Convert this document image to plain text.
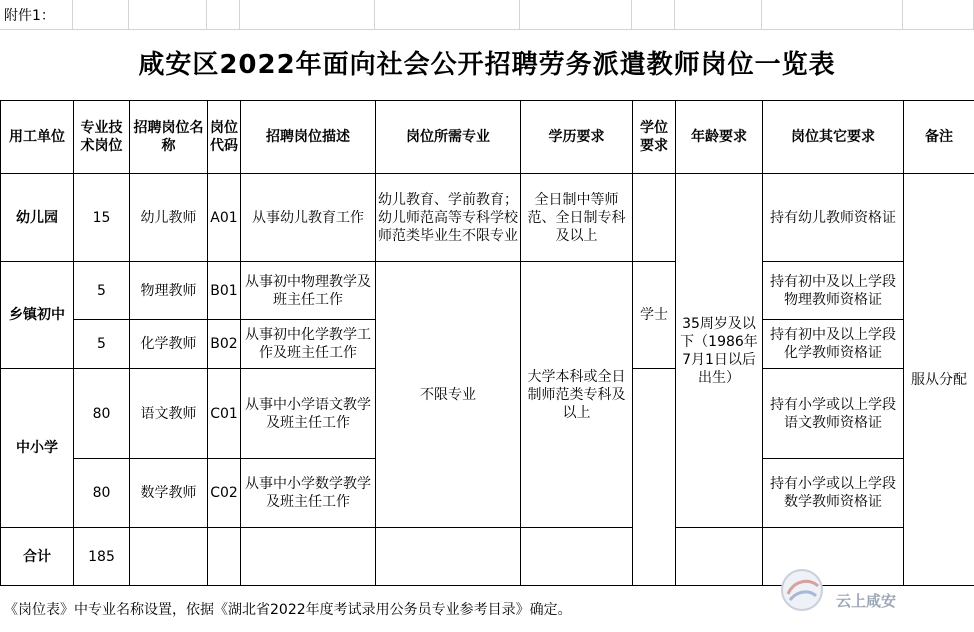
附件1：
咸安区2022年面向社会公开招聘劳务派遣教师岗位一览表
用工单位	专业技术岗位	招聘岗位名称	岗位代码	招聘岗位描述	岗位所需专业	学历要求	学位要求	年龄要求	岗位其它要求	备注
幼儿园	15	幼儿教师	A01	从事幼儿教育工作	幼儿教育、学前教育；幼儿师范高等专科学校师范类毕业生不限专业	全日制中等师范、全日制专科及以上		35周岁及以下（1986年7月1日以后出生）	持有幼儿教师资格证	服从分配
乡镇初中	5	物理教师	B01	从事初中物理教学及班主任工作	不限专业	大学本科或全日制师范类专科及以上	学士		持有初中及以上学段物理教师资格证	
	5	化学教师	B02	从事初中化学教学工作及班主任工作					持有初中及以上学段化学教师资格证	
中小学	80	语文教师	C01	从事中小学语文教学及班主任工作					持有小学或以上学段语文教师资格证	
	80	数学教师	C02	从事中小学数学教学及班主任工作					持有小学或以上学段数学教师资格证	
合计	185									
《岗位表》中专业名称设置，依据《湖北省2022年度考试录用公务员专业参考目录》确定。	云上咸安
